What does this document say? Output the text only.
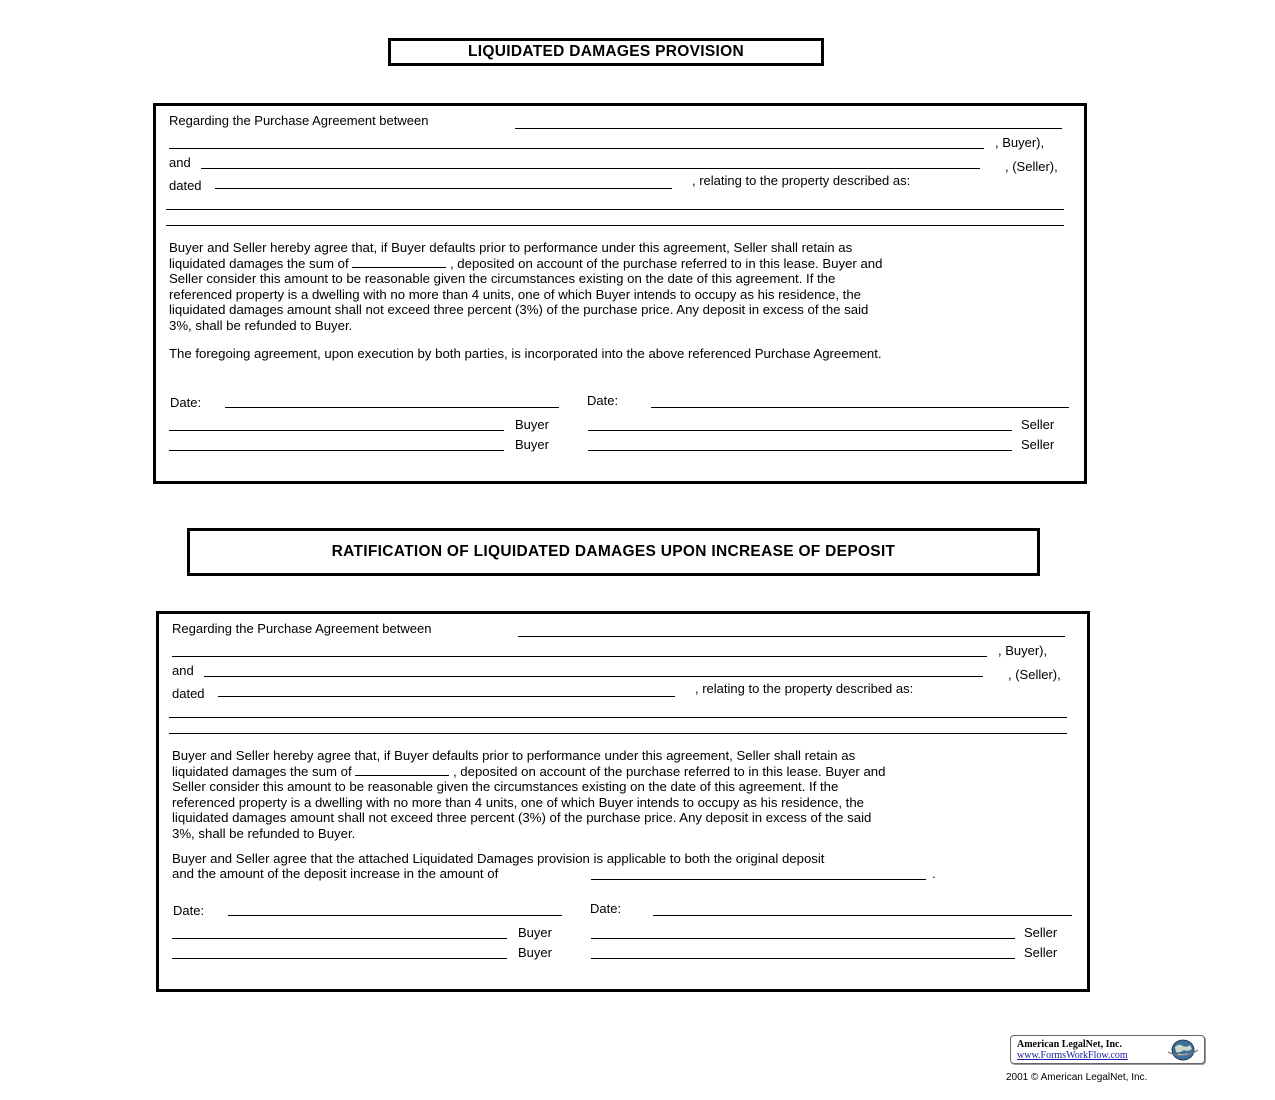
LIQUIDATED DAMAGES PROVISION
Regarding the Purchase Agreement between
, Buyer),
and	, (Seller),
dated	, relating to the property described as:
Buyer and Seller hereby agree that, if Buyer defaults prior to performance under this agreement, Seller shall retain as
liquidated damages the sum of	, deposited on account of the purchase referred to in this lease. Buyer and
Seller consider this amount to be reasonable given the circumstances existing on the date of this agreement. If the
referenced property is a dwelling with no more than 4 units, one of which Buyer intends to occupy as his residence, the
liquidated damages amount shall not exceed three percent (3%) of the purchase price. Any deposit in excess of the said
3%, shall be refunded to Buyer.
The foregoing agreement, upon execution by both parties, is incorporated into the above referenced Purchase Agreement.
Date:	Date:
Buyer	Seller
Buyer	Seller
RATIFICATION OF LIQUIDATED DAMAGES UPON INCREASE OF DEPOSIT
Regarding the Purchase Agreement between
, Buyer),
and	, (Seller),
dated	, relating to the property described as:
Buyer and Seller hereby agree that, if Buyer defaults prior to performance under this agreement, Seller shall retain as
liquidated damages the sum of	, deposited on account of the purchase referred to in this lease. Buyer and
Seller consider this amount to be reasonable given the circumstances existing on the date of this agreement. If the
referenced property is a dwelling with no more than 4 units, one of which Buyer intends to occupy as his residence, the
liquidated damages amount shall not exceed three percent (3%) of the purchase price. Any deposit in excess of the said
3%, shall be refunded to Buyer.
Buyer and Seller agree that the attached Liquidated Damages provision is applicable to both the original deposit
and the amount of the deposit increase in the amount of	.
Date:	Date:
Buyer	Seller
Buyer	Seller
American LegalNet, Inc.
www.FormsWorkFlow.com
2001 © American LegalNet, Inc.
